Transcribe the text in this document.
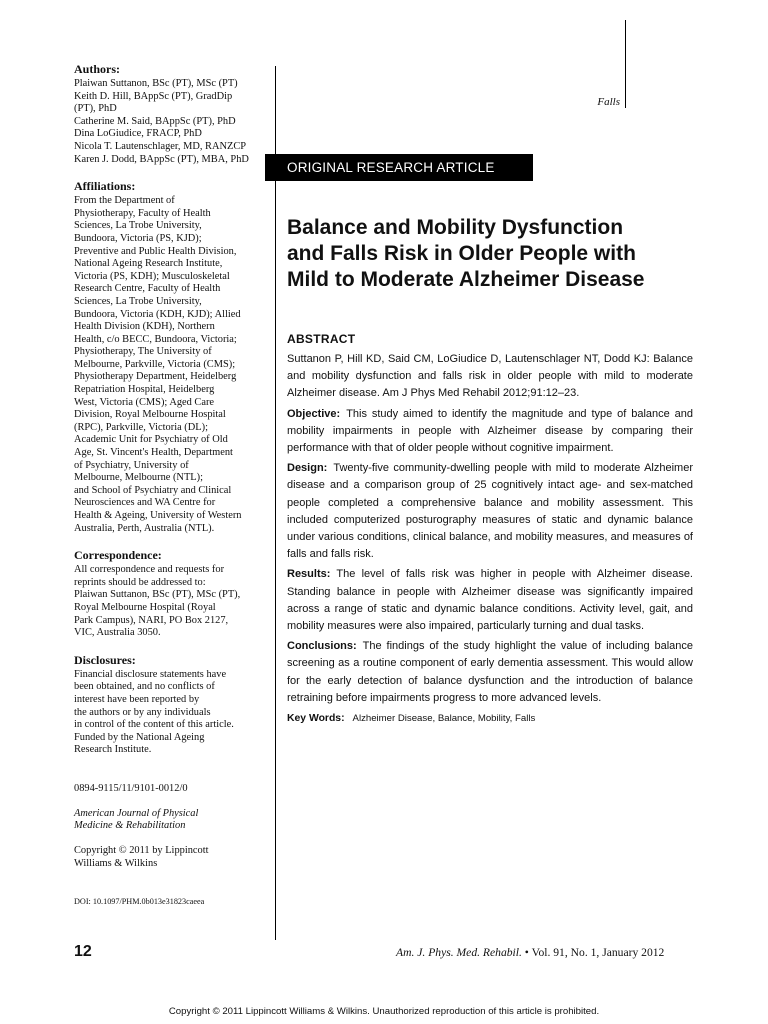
Authors:
Plaiwan Suttanon, BSc (PT), MSc (PT)
Keith D. Hill, BAppSc (PT), GradDip
(PT), PhD
Catherine M. Said, BAppSc (PT), PhD
Dina LoGiudice, FRACP, PhD
Nicola T. Lautenschlager, MD, RANZCP
Karen J. Dodd, BAppSc (PT), MBA, PhD
Affiliations:
From the Department of
Physiotherapy, Faculty of Health
Sciences, La Trobe University,
Bundoora, Victoria (PS, KJD);
Preventive and Public Health Division,
National Ageing Research Institute,
Victoria (PS, KDH); Musculoskeletal
Research Centre, Faculty of Health
Sciences, La Trobe University,
Bundoora, Victoria (KDH, KJD); Allied
Health Division (KDH), Northern
Health, c/o BECC, Bundoora, Victoria;
Physiotherapy, The University of
Melbourne, Parkville, Victoria (CMS);
Physiotherapy Department, Heidelberg
Repatriation Hospital, Heidelberg
West, Victoria (CMS); Aged Care
Division, Royal Melbourne Hospital
(RPC), Parkville, Victoria (DL);
Academic Unit for Psychiatry of Old
Age, St. Vincent's Health, Department
of Psychiatry, University of
Melbourne, Melbourne (NTL);
and School of Psychiatry and Clinical
Neurosciences and WA Centre for
Health & Ageing, University of Western
Australia, Perth, Australia (NTL).
Correspondence:
All correspondence and requests for
reprints should be addressed to:
Plaiwan Suttanon, BSc (PT), MSc (PT),
Royal Melbourne Hospital (Royal
Park Campus), NARI, PO Box 2127,
VIC, Australia 3050.
Disclosures:
Financial disclosure statements have
been obtained, and no conflicts of
interest have been reported by
the authors or by any individuals
in control of the content of this article.
Funded by the National Ageing
Research Institute.

0894-9115/11/9101-0012/0

American Journal of Physical
Medicine & Rehabilitation

Copyright © 2011 by Lippincott
Williams & Wilkins

DOI: 10.1097/PHM.0b013e31823caeea
Falls
ORIGINAL RESEARCH ARTICLE
Balance and Mobility Dysfunction
and Falls Risk in Older People with
Mild to Moderate Alzheimer Disease
ABSTRACT

Suttanon P, Hill KD, Said CM, LoGiudice D, Lautenschlager NT, Dodd KJ: Balance and mobility dysfunction and falls risk in older people with mild to moderate Alzheimer disease. Am J Phys Med Rehabil 2012;91:12–23.

Objective: This study aimed to identify the magnitude and type of balance and mobility impairments in people with Alzheimer disease by comparing their performance with that of older people without cognitive impairment.

Design: Twenty-five community-dwelling people with mild to moderate Alzheimer disease and a comparison group of 25 cognitively intact age- and sex-matched people completed a comprehensive balance and mobility assessment. This included computerized posturography measures of static and dynamic balance under various conditions, clinical balance, and mobility measures, and measures of falls and falls risk.

Results: The level of falls risk was higher in people with Alzheimer disease. Standing balance in people with Alzheimer disease was significantly impaired across a range of static and dynamic balance conditions. Activity level, gait, and mobility measures were also impaired, particularly turning and dual tasks.

Conclusions: The findings of the study highlight the value of including balance screening as a routine component of early dementia assessment. This would allow for the early detection of balance dysfunction and the introduction of balance retraining before impairments progress to more advanced levels.

Key Words: Alzheimer Disease, Balance, Mobility, Falls

12	Am. J. Phys. Med. Rehabil. • Vol. 91, No. 1, January 2012
Copyright © 2011 Lippincott Williams & Wilkins. Unauthorized reproduction of this article is prohibited.
